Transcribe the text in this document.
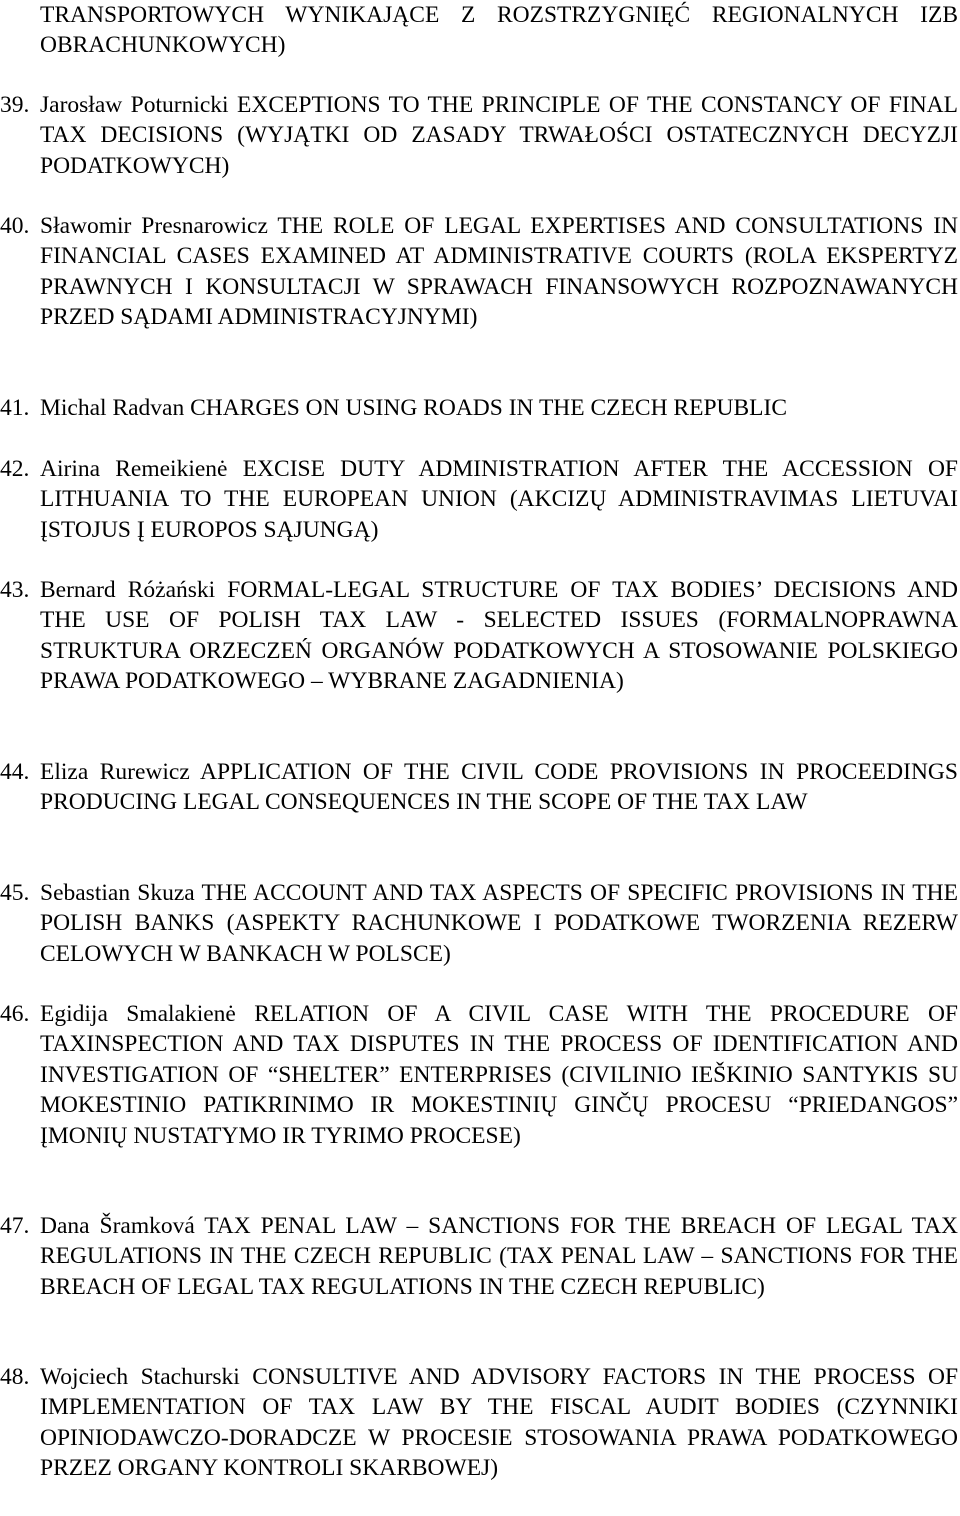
TRANSPORTOWYCH WYNIKAJĄCE Z ROZSTRZYGNIĘĆ REGIONALNYCH IZB OBRACHUNKOWYCH)
39. Jarosław Poturnicki EXCEPTIONS TO THE PRINCIPLE OF THE CONSTANCY OF FINAL TAX DECISIONS (WYJĄTKI OD ZASADY TRWAŁOŚCI OSTATECZNYCH DECYZJI PODATKOWYCH)
40. Sławomir Presnarowicz THE ROLE OF LEGAL EXPERTISES AND CONSULTATIONS IN FINANCIAL CASES EXAMINED AT ADMINISTRATIVE COURTS (ROLA EKSPERTYZ PRAWNYCH I KONSULTACJI W SPRAWACH FINANSOWYCH ROZPOZNAWANYCH PRZED SĄDAMI ADMINISTRACYJNYMI)
41. Michal Radvan CHARGES ON USING ROADS IN THE CZECH REPUBLIC
42. Airina Remeikienė EXCISE DUTY ADMINISTRATION AFTER THE ACCESSION OF LITHUANIA TO THE EUROPEAN UNION (AKCIZŲ ADMINISTRAVIMAS LIETUVAI ĮSTOJUS Į EUROPOS SĄJUNGĄ)
43. Bernard Różański FORMAL-LEGAL STRUCTURE OF TAX BODIES’ DECISIONS AND THE USE OF POLISH TAX LAW - SELECTED ISSUES (FORMALNOPRAWNA STRUKTURA ORZECZEŃ ORGANÓW PODATKOWYCH A STOSOWANIE POLSKIEGO PRAWA PODATKOWEGO – WYBRANE ZAGADNIENIA)
44. Eliza Rurewicz APPLICATION OF THE CIVIL CODE PROVISIONS IN PROCEEDINGS PRODUCING LEGAL CONSEQUENCES IN THE SCOPE OF THE TAX LAW
45. Sebastian Skuza THE ACCOUNT AND TAX ASPECTS OF SPECIFIC PROVISIONS IN THE POLISH BANKS (ASPEKTY RACHUNKOWE I PODATKOWE TWORZENIA REZERW CELOWYCH W BANKACH W POLSCE)
46. Egidija Smalakienė RELATION OF A CIVIL CASE WITH THE PROCEDURE OF TAXINSPECTION AND TAX DISPUTES IN THE PROCESS OF IDENTIFICATION AND INVESTIGATION OF “SHELTER” ENTERPRISES (CIVILINIO IEŠKINIO SANTYKIS SU MOKESTINIO PATIKRINIMO IR MOKESTINIŲ GINČŲ PROCESU “PRIEDANGOS” ĮMONIŲ NUSTATYMO IR TYRIMO PROCESE)
47. Dana Šramková TAX PENAL LAW – SANCTIONS FOR THE BREACH OF LEGAL TAX REGULATIONS IN THE CZECH REPUBLIC (TAX PENAL LAW – SANCTIONS FOR THE BREACH OF LEGAL TAX REGULATIONS IN THE CZECH REPUBLIC)
48. Wojciech Stachurski CONSULTIVE AND ADVISORY FACTORS IN THE PROCESS OF IMPLEMENTATION OF TAX LAW BY THE FISCAL AUDIT BODIES (CZYNNIKI OPINIODAWCZO-DORADCZE W PROCESIE STOSOWANIA PRAWA PODATKOWEGO PRZEZ ORGANY KONTROLI SKARBOWEJ)
